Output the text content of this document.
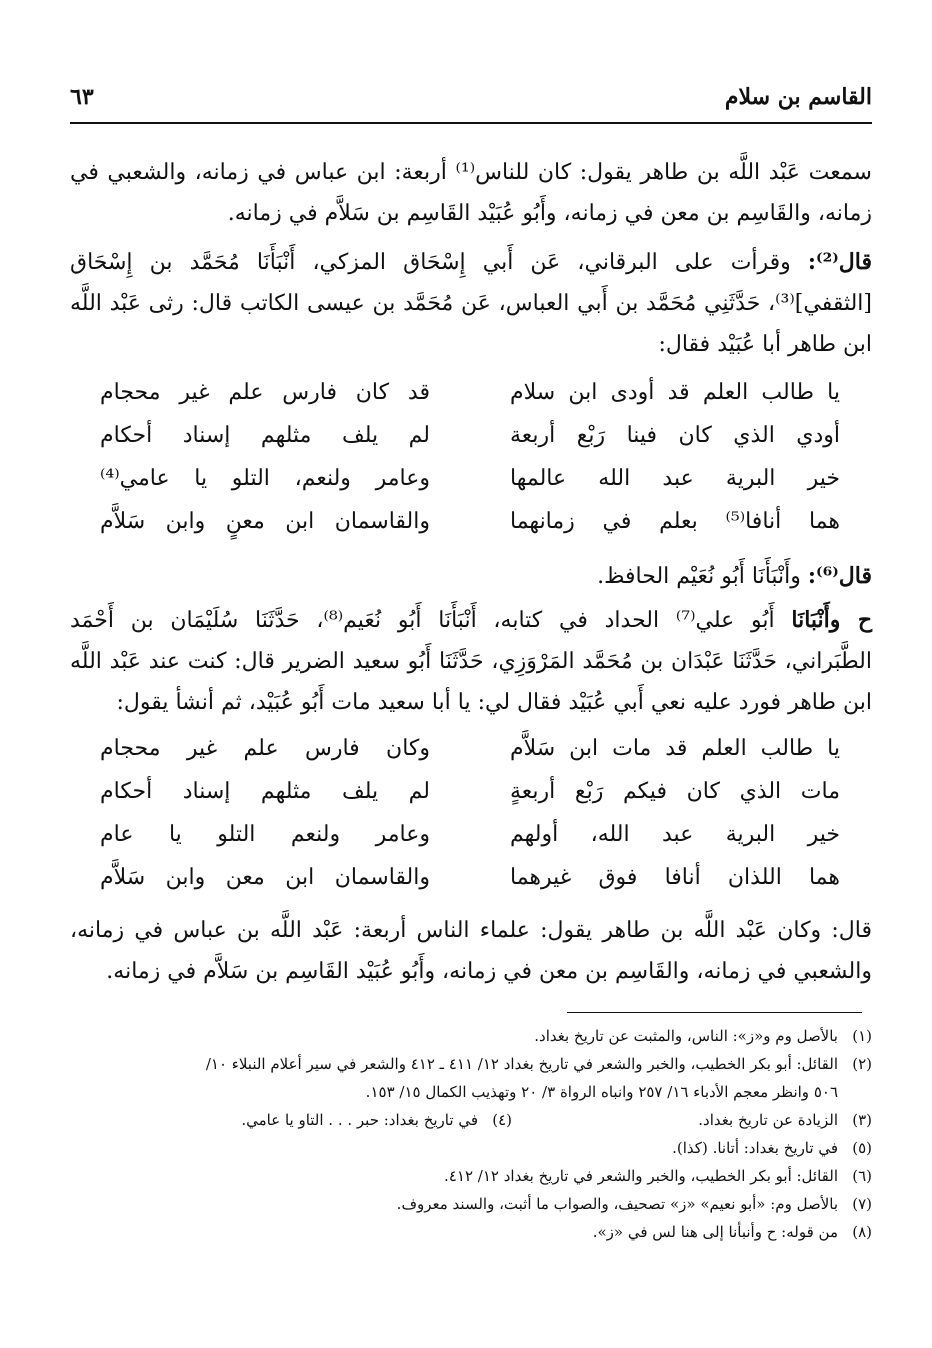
القاسم بن سلام
٦٣
سمعت عَبْد اللَّه بن طاهر يقول: كان للناس⁽¹⁾ أربعة: ابن عباس في زمانه، والشعبي في
زمانه، والقَاسِم بن معن في زمانه، وأَبُو عُبَيْد القَاسِم بن سَلاَّم في زمانه.
قال⁽²⁾: وقرأت على البرقاني، عَن أَبي إِسْحَاق المزكي، أَنْبَأَنَا مُحَمَّد بن إِسْحَاق
[الثقفي]⁽³⁾، حَدَّثَنِي مُحَمَّد بن أَبي العباس، عَن مُحَمَّد بن عيسى الكاتب قال: رثى عَبْد اللَّه
ابن طاهر أبا عُبَيْد فقال:
يا طالب العلم قد أودى ابن سلام
قد كان فارس علم غير محجام
أودي الذي كان فينا رَبْع أربعة
لم يلف مثلهم إسناد أحكام
خير البرية عبد الله عالمها
وعامر ولنعم، التلو يا عامي⁽⁴⁾
هما أنافا⁽⁵⁾ بعلم في زمانهما
والقاسمان ابن معنٍ وابن سَلاَّم
قال⁽⁶⁾: وأَنْبَأَنَا أَبُو نُعَيْم الحافظ.
ح وأَنْبَانَا أَبُو علي⁽⁷⁾ الحداد في كتابه، أَنْبَأَنَا أَبُو نُعَيم⁽⁸⁾، حَدَّثَنَا سُلَيْمَان بن أَحْمَد
الطَّبَراني، حَدَّثَنَا عَبْدَان بن مُحَمَّد المَرْوَزِي، حَدَّثَنَا أَبُو سعيد الضرير قال: كنت عند عَبْد اللَّه
ابن طاهر فورد عليه نعي أَبي عُبَيْد فقال لي: يا أبا سعيد مات أَبُو عُبَيْد، ثم أنشأ يقول:
يا طالب العلم قد مات ابن سَلاَّم
وكان فارس علم غير محجام
مات الذي كان فيكم رَبْع أربعةٍ
لم يلف مثلهم إسناد أحكام
خير البرية عبد الله، أولهم
وعامر ولنعم التلو يا عام
هما اللذان أنافا فوق غيرهما
والقاسمان ابن معن وابن سَلاَّم
قال: وكان عَبْد اللَّه بن طاهر يقول: علماء الناس أربعة: عَبْد اللَّه بن عباس في زمانه،
والشعبي في زمانه، والقَاسِم بن معن في زمانه، وأَبُو عُبَيْد القَاسِم بن سَلاَّم في زمانه.
(١)
بالأصل وم و«ز»: الناس، والمثبت عن تاريخ بغداد.
(٢)
القائل: أبو بكر الخطيب، والخبر والشعر في تاريخ بغداد ١٢/ ٤١١ ـ ٤١٢ والشعر في سير أعلام النبلاء ١٠/
٥٠٦ وانظر معجم الأدباء ١٦/ ٢٥٧ وانباه الرواة ٣/ ٢٠ وتهذيب الكمال ١٥/ ١٥٣.
(٣)
الزيادة عن تاريخ بغداد.
(٤)
في تاريخ بغداد: حبر . . . التاو يا عامي.
(٥)
في تاريخ بغداد: أتانا. (كذا).
(٦)
القائل: أبو بكر الخطيب، والخبر والشعر في تاريخ بغداد ١٢/ ٤١٢.
(٧)
بالأصل وم: «أبو نعيم» «ز» تصحيف، والصواب ما أثبت، والسند معروف.
(٨)
من قوله: ح وأنبأنا إلى هنا لس في «ز».
